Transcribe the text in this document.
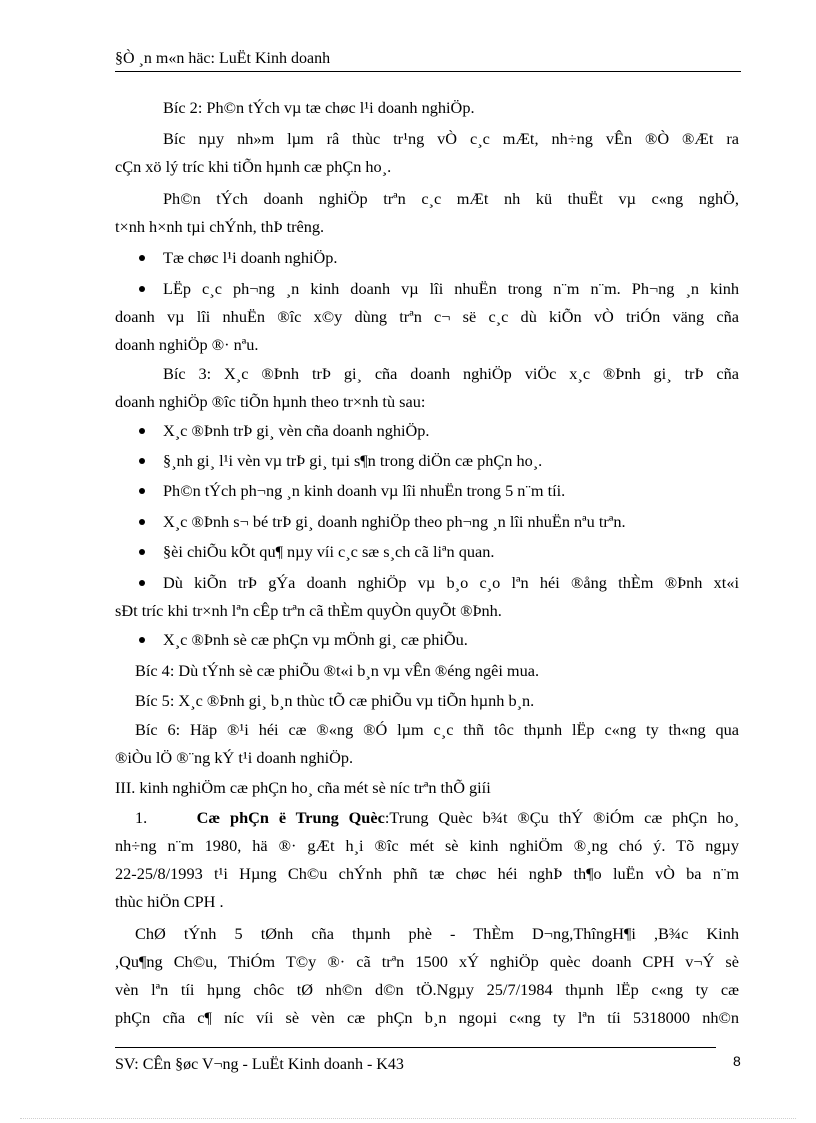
§Ò ¸n m«n häc: LuËt Kinh doanh
Bíc 2: Ph©n tÝch vµ tæ chøc l¹i doanh nghiÖp.
Bíc nµy nh»m lµm râ thùc tr¹ng vÒ c¸c mÆt, nh÷ng vÊn ®Ò ®Æt ra
cÇn xö lý tríc khi tiÕn hµnh cæ phÇn ho¸.
Ph©n tÝch doanh nghiÖp trªn c¸c mÆt nh kü thuËt vµ c«ng nghÖ,
t×nh h×nh tµi chÝnh, thÞ trêng.
Tæ chøc l¹i doanh nghiÖp.
LËp c¸c ph¬ng ¸n kinh doanh vµ lîi nhuËn trong n¨m n¨m. Ph¬ng ¸n kinh
doanh vµ lîi nhuËn ®îc x©y dùng trªn c¬ së c¸c dù kiÕn vÒ triÓn väng cña
doanh nghiÖp ®· nªu.
Bíc 3: X¸c ®Þnh trÞ gi¸ cña doanh nghiÖp viÖc x¸c ®Þnh gi¸ trÞ cña
doanh nghiÖp ®îc tiÕn hµnh theo tr×nh tù sau:
X¸c ®Þnh trÞ gi¸ vèn cña doanh nghiÖp.
§¸nh gi¸ l¹i vèn vµ trÞ gi¸ tµi s¶n trong diÖn cæ phÇn ho¸.
Ph©n tÝch ph¬ng ¸n kinh doanh vµ lîi nhuËn trong 5 n¨m tíi.
X¸c ®Þnh s¬ bé trÞ gi¸ doanh nghiÖp theo ph¬ng ¸n lîi nhuËn nªu trªn.
§èi chiÕu kÕt qu¶ nµy víi c¸c sæ s¸ch cã liªn quan.
Dù kiÕn trÞ gÝa doanh nghiÖp vµ b¸o c¸o lªn héi ®ång thÈm ®Þnh xt«i
sÐt tríc khi tr×nh lªn cÊp trªn cã thÈm quyÒn quyÕt ®Þnh.
X¸c ®Þnh sè cæ phÇn vµ mÖnh gi¸ cæ phiÕu.
Bíc 4: Dù tÝnh sè cæ phiÕu ®t«i b¸n vµ vÊn ®éng ngêi mua.
Bíc 5: X¸c ®Þnh gi¸ b¸n thùc tÕ cæ phiÕu vµ tiÕn hµnh b¸n.
Bíc 6: Häp ®¹i héi cæ ®«ng ®Ó lµm c¸c thñ tôc thµnh lËp c«ng ty th«ng qua
®iÒu lÖ ®¨ng kÝ t¹i doanh nghiÖp.
III. kinh nghiÖm cæ phÇn ho¸ cña mét sè níc trªn thÕ giíi
1.	Cæ phÇn ë Trung Quèc:Trung Quèc b¾t ®Çu thÝ ®iÓm cæ phÇn ho¸
nh÷ng n¨m 1980, hä ®· gÆt h¸i ®îc mét sè kinh nghiÖm ®¸ng chó ý. Tõ ngµy
22-25/8/1993 t¹i Hµng Ch©u chÝnh phñ tæ chøc héi nghÞ th¶o luËn vÒ ba n¨m
thùc hiÖn CPH .
ChØ tÝnh 5 tØnh cña thµnh phè - ThÈm D¬ng,ThîngH¶i ,B¾c Kinh
,Qu¶ng Ch©u, ThiÓm T©y ®· cã trªn 1500 xÝ nghiÖp quèc doanh CPH v¬Ý sè
vèn lªn tíi hµng chôc tØ nh©n d©n tÖ.Ngµy 25/7/1984 thµnh lËp c«ng ty cæ
phÇn cña c¶ níc víi sè vèn cæ phÇn b¸n ngoµi c«ng ty lªn tíi 5318000 nh©n
SV: CÊn §øc V¬ng - LuËt Kinh doanh - K43	8
